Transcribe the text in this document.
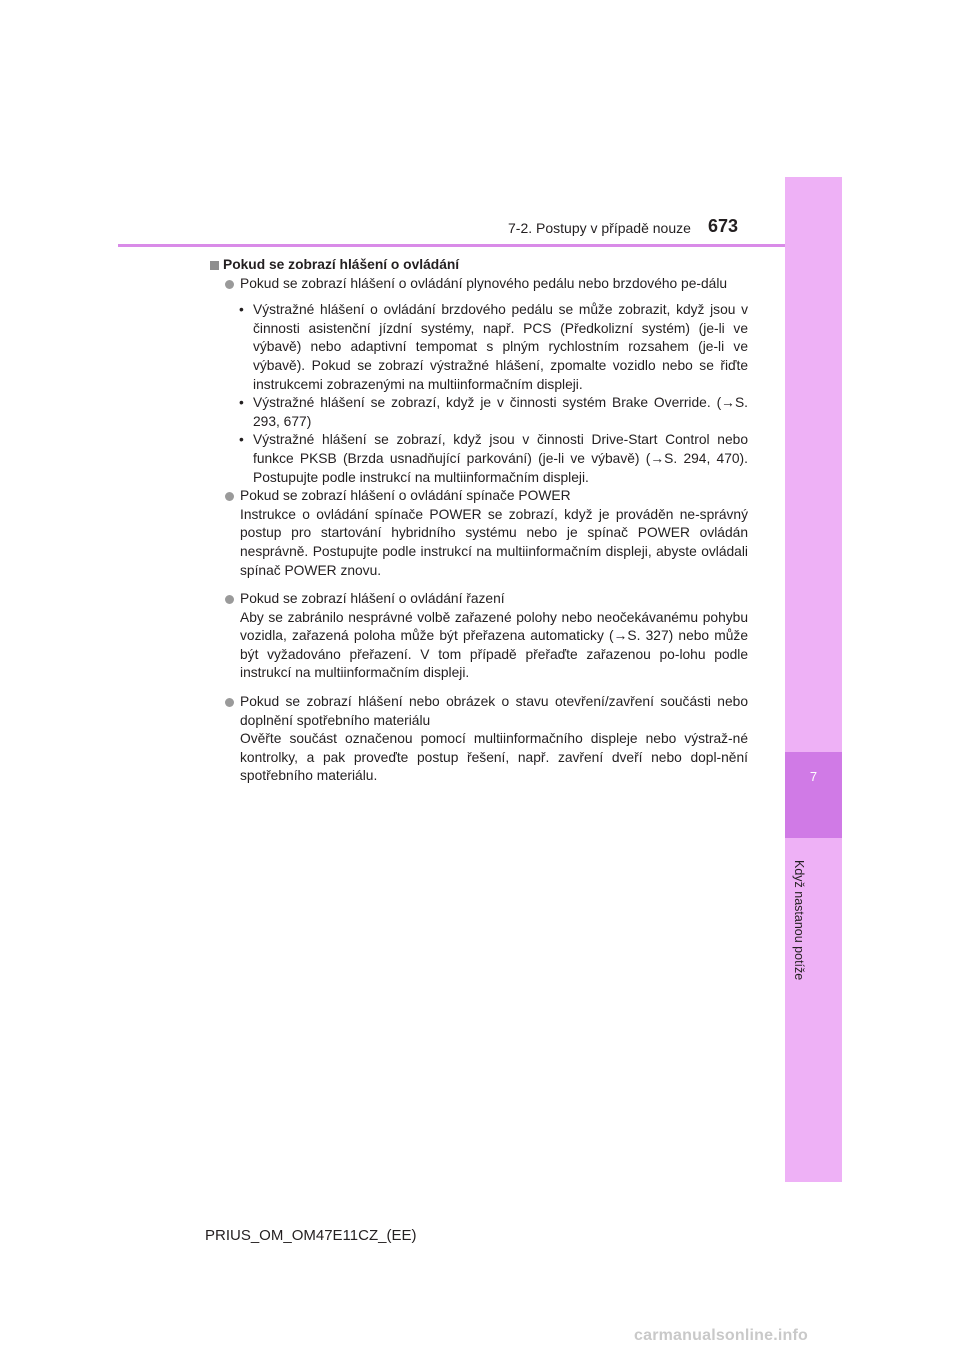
7
Když nastanou potíže
7-2. Postupy v případě nouze 673
Pokud se zobrazí hlášení o ovládání
Pokud se zobrazí hlášení o ovládání plynového pedálu nebo brzdového pe-dálu
• Výstražné hlášení o ovládání brzdového pedálu se může zobrazit, když jsou v činnosti asistenční jízdní systémy, např. PCS (Předkolizní systém) (je-li ve výbavě) nebo adaptivní tempomat s plným rychlostním rozsahem (je-li ve výbavě). Pokud se zobrazí výstražné hlášení, zpomalte vozidlo nebo se řiďte instrukcemi zobrazenými na multiinformačním displeji.
• Výstražné hlášení se zobrazí, když je v činnosti systém Brake Override. (→S. 293, 677)
• Výstražné hlášení se zobrazí, když jsou v činnosti Drive-Start Control nebo funkce PKSB (Brzda usnadňující parkování) (je-li ve výbavě) (→S. 294, 470). Postupujte podle instrukcí na multiinformačním displeji.
Pokud se zobrazí hlášení o ovládání spínače POWER
Instrukce o ovládání spínače POWER se zobrazí, když je prováděn ne-správný postup pro startování hybridního systému nebo je spínač POWER ovládán nesprávně. Postupujte podle instrukcí na multiinformačním displeji, abyste ovládali spínač POWER znovu.
Pokud se zobrazí hlášení o ovládání řazení
Aby se zabránilo nesprávné volbě zařazené polohy nebo neočekávanému pohybu vozidla, zařazená poloha může být přeřazena automaticky (→S. 327) nebo může být vyžadováno přeřazení. V tom případě přeřaďte zařazenou po-lohu podle instrukcí na multiinformačním displeji.
Pokud se zobrazí hlášení nebo obrázek o stavu otevření/zavření součásti nebo doplnění spotřebního materiálu
Ověřte součást označenou pomocí multiinformačního displeje nebo výstraž-né kontrolky, a pak proveďte postup řešení, např. zavření dveří nebo dopl-nění spotřebního materiálu.
PRIUS_OM_OM47E11CZ_(EE)
carmanualsonline.info
